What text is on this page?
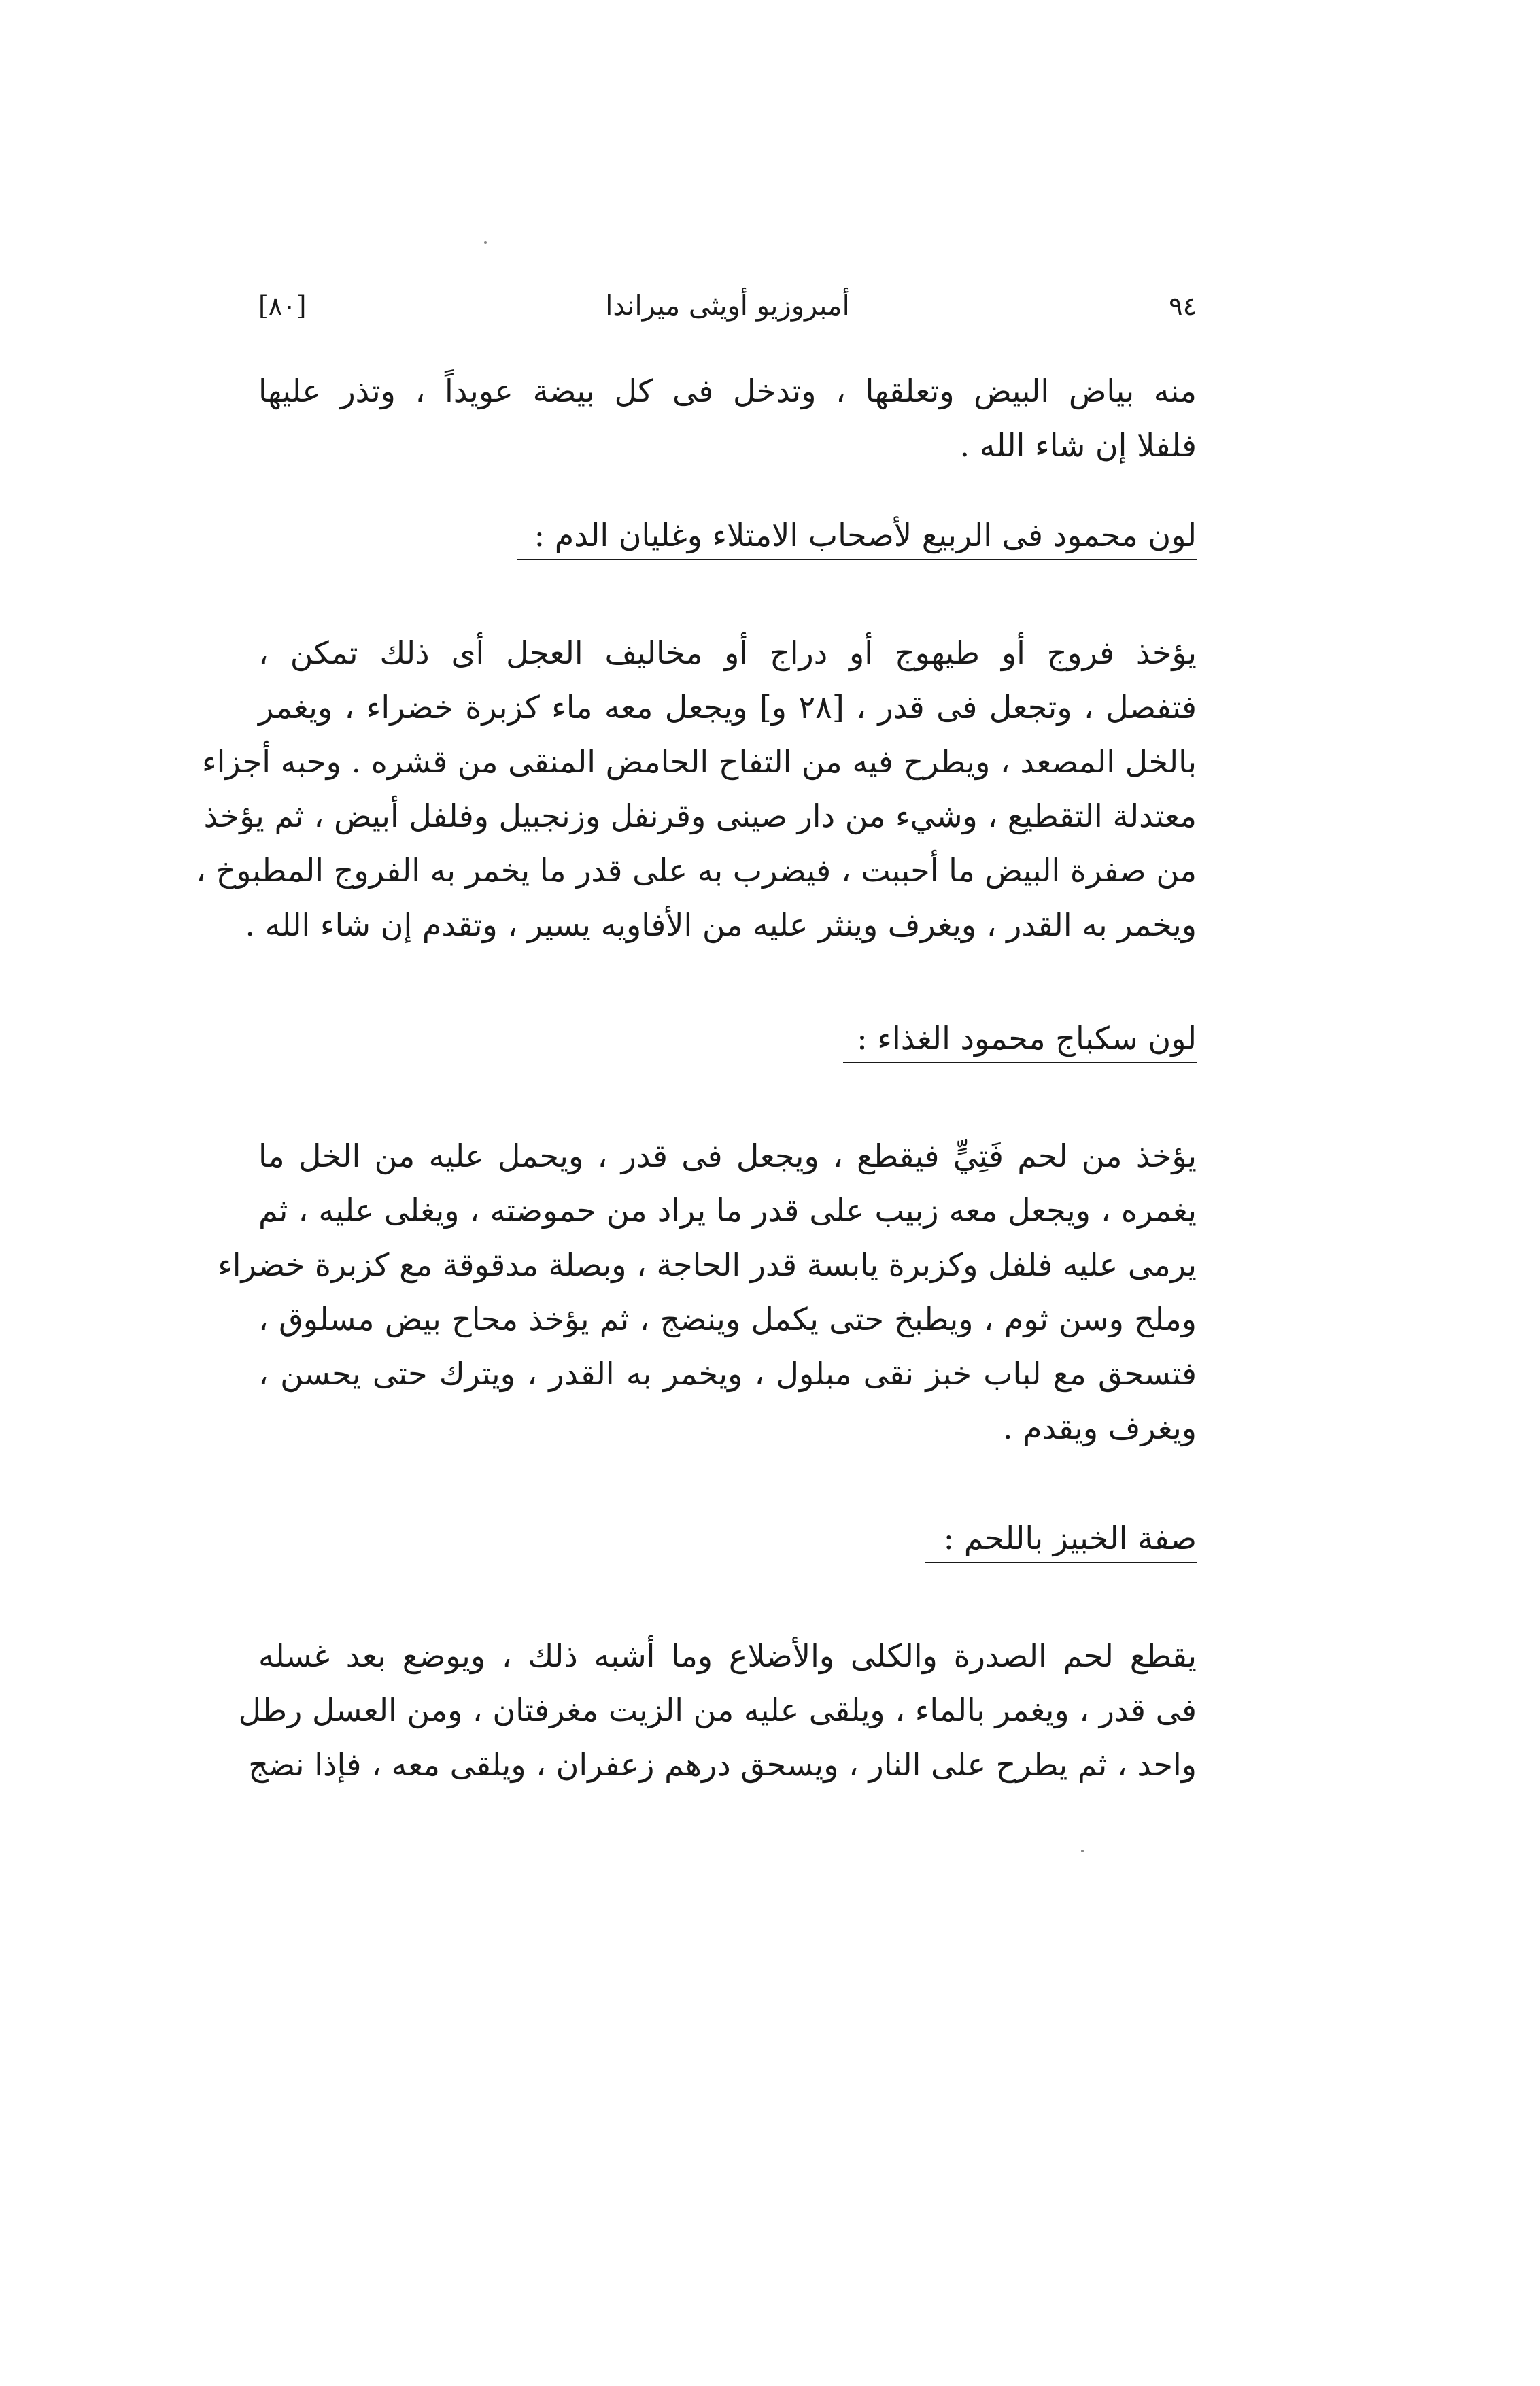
٩٤
أمبروزيو أويثى ميراندا
[٨٠]
منه بياض البيض وتعلقها ، وتدخل فى كل بيضة عويداً ، وتذر عليها
فلفلا إن شاء الله .
لون محمود فى الربيع لأصحاب الامتلاء وغليان الدم :
يؤخذ فروج أو طيهوج أو دراج أو مخاليف العجل أى ذلك تمكن ،
فتفصل ، وتجعل فى قدر ، [٢٨ و] ويجعل معه ماء كزبرة خضراء ، ويغمر
بالخل المصعد ، ويطرح فيه من التفاح الحامض المنقى من قشره . وحبه أجزاء
معتدلة التقطيع ، وشيء من دار صينى وقرنفل وزنجبيل وفلفل أبيض ، ثم يؤخذ
من صفرة البيض ما أحببت ، فيضرب به على قدر ما يخمر به الفروج المطبوخ ،
ويخمر به القدر ، ويغرف وينثر عليه من الأفاويه يسير ، وتقدم إن شاء الله .
لون سكباج محمود الغذاء :
يؤخذ من لحم فَتِيٍّ فيقطع ، ويجعل فى قدر ، ويحمل عليه من الخل ما
يغمره ، ويجعل معه زبيب على قدر ما يراد من حموضته ، ويغلى عليه ، ثم
يرمى عليه فلفل وكزبرة يابسة قدر الحاجة ، وبصلة مدقوقة مع كزبرة خضراء
وملح وسن ثوم ، ويطبخ حتى يكمل وينضج ، ثم يؤخذ محاح بيض مسلوق ،
فتسحق مع لباب خبز نقى مبلول ، ويخمر به القدر ، ويترك حتى يحسن ،
ويغرف ويقدم .
صفة الخبيز باللحم :
يقطع لحم الصدرة والكلى والأضلاع وما أشبه ذلك ، ويوضع بعد غسله
فى قدر ، ويغمر بالماء ، ويلقى عليه من الزيت مغرفتان ، ومن العسل رطل
واحد ، ثم يطرح على النار ، ويسحق درهم زعفران ، ويلقى معه ، فإذا نضج
